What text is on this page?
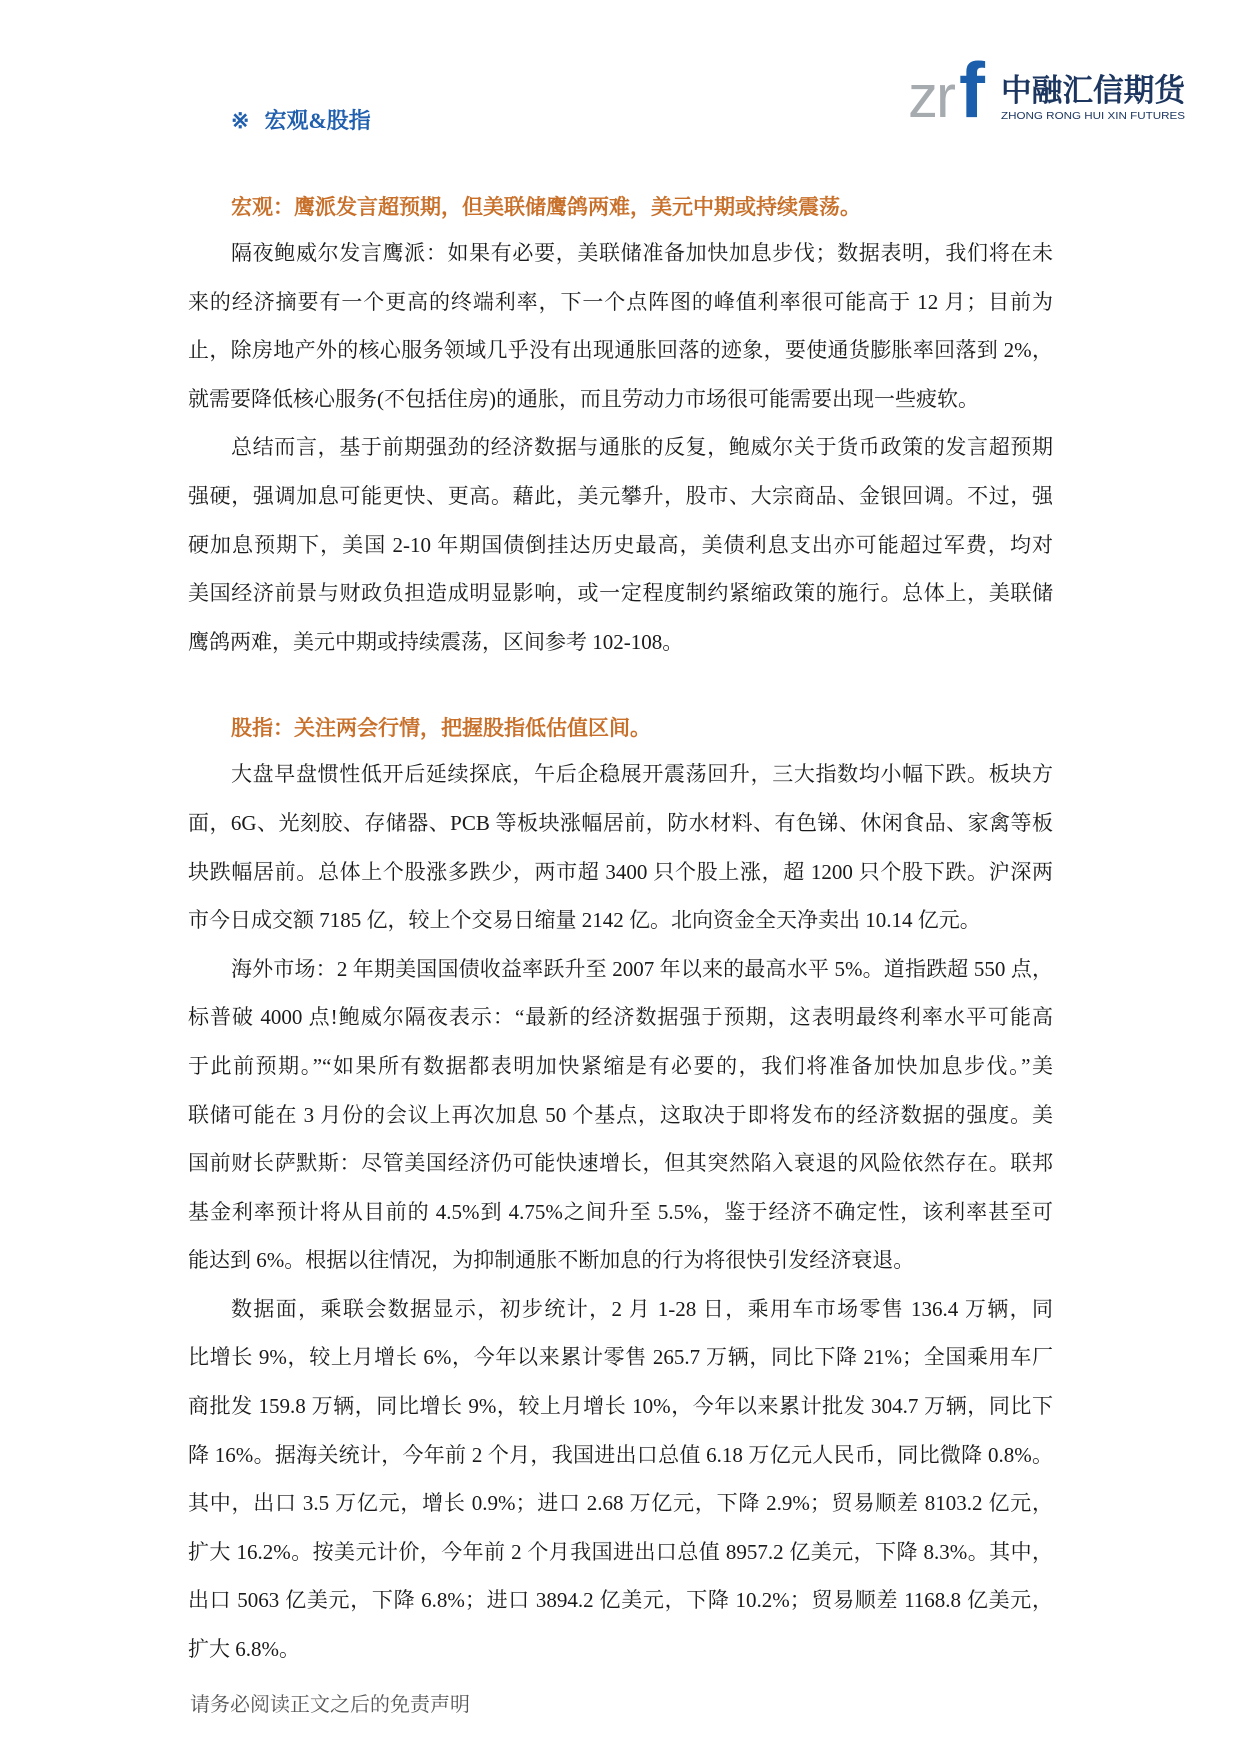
zr f 中融汇信期货
ZHONG RONG HUI XIN FUTURES
※ 宏观&股指
宏观：鹰派发言超预期，但美联储鹰鸽两难，美元中期或持续震荡。
隔夜鲍威尔发言鹰派：如果有必要，美联储准备加快加息步伐；数据表明，我们将在未
来的经济摘要有一个更高的终端利率，下一个点阵图的峰值利率很可能高于 12 月；目前为
止，除房地产外的核心服务领域几乎没有出现通胀回落的迹象，要使通货膨胀率回落到 2%，
就需要降低核心服务(不包括住房)的通胀，而且劳动力市场很可能需要出现一些疲软。
总结而言，基于前期强劲的经济数据与通胀的反复，鲍威尔关于货币政策的发言超预期
强硬，强调加息可能更快、更高。藉此，美元攀升，股市、大宗商品、金银回调。不过，强
硬加息预期下，美国 2-10 年期国债倒挂达历史最高，美债利息支出亦可能超过军费，均对
美国经济前景与财政负担造成明显影响，或一定程度制约紧缩政策的施行。总体上，美联储
鹰鸽两难，美元中期或持续震荡，区间参考 102-108。
股指：关注两会行情，把握股指低估值区间。
大盘早盘惯性低开后延续探底，午后企稳展开震荡回升，三大指数均小幅下跌。板块方
面，6G、光刻胶、存储器、PCB 等板块涨幅居前，防水材料、有色锑、休闲食品、家禽等板
块跌幅居前。总体上个股涨多跌少，两市超 3400 只个股上涨，超 1200 只个股下跌。沪深两
市今日成交额 7185 亿，较上个交易日缩量 2142 亿。北向资金全天净卖出 10.14 亿元。
海外市场：2 年期美国国债收益率跃升至 2007 年以来的最高水平 5%。道指跌超 550 点，
标普破 4000 点!鲍威尔隔夜表示：“最新的经济数据强于预期，这表明最终利率水平可能高
于此前预期。”“如果所有数据都表明加快紧缩是有必要的，我们将准备加快加息步伐。”美
联储可能在 3 月份的会议上再次加息 50 个基点，这取决于即将发布的经济数据的强度。美
国前财长萨默斯：尽管美国经济仍可能快速增长，但其突然陷入衰退的风险依然存在。联邦
基金利率预计将从目前的 4.5%到 4.75%之间升至 5.5%，鉴于经济不确定性，该利率甚至可
能达到 6%。根据以往情况，为抑制通胀不断加息的行为将很快引发经济衰退。
数据面，乘联会数据显示，初步统计，2 月 1-28 日，乘用车市场零售 136.4 万辆，同
比增长 9%，较上月增长 6%，今年以来累计零售 265.7 万辆，同比下降 21%；全国乘用车厂
商批发 159.8 万辆，同比增长 9%，较上月增长 10%，今年以来累计批发 304.7 万辆，同比下
降 16%。据海关统计，今年前 2 个月，我国进出口总值 6.18 万亿元人民币，同比微降 0.8%。
其中，出口 3.5 万亿元，增长 0.9%；进口 2.68 万亿元，下降 2.9%；贸易顺差 8103.2 亿元，
扩大 16.2%。按美元计价，今年前 2 个月我国进出口总值 8957.2 亿美元，下降 8.3%。其中，
出口 5063 亿美元，下降 6.8%；进口 3894.2 亿美元，下降 10.2%；贸易顺差 1168.8 亿美元，
扩大 6.8%。
请务必阅读正文之后的免责声明
